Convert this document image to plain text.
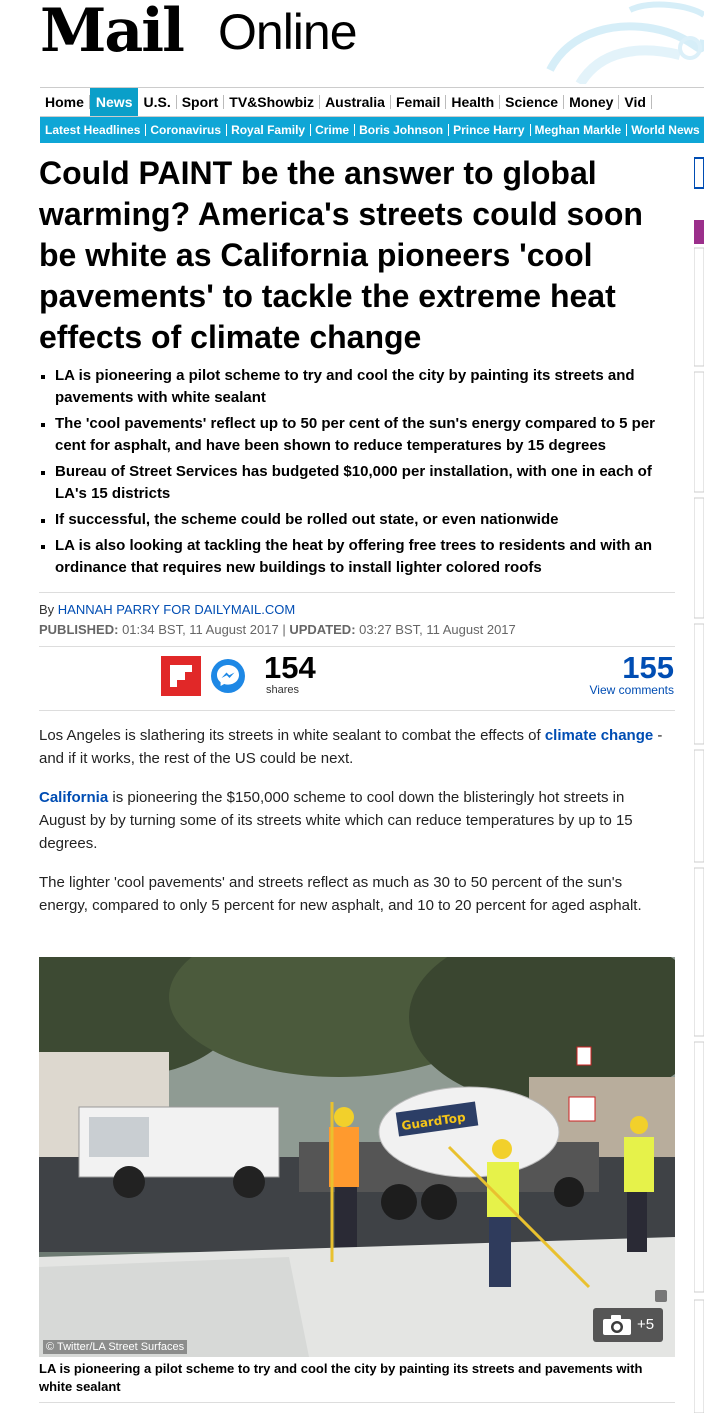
Mail Online
Home News U.S. Sport TV&Showbiz Australia Femail Health Science Money Vid
Latest Headlines Coronavirus Royal Family Crime Boris Johnson Prince Harry Meghan Markle World News
Could PAINT be the answer to global warming? America's streets could soon be white as California pioneers 'cool pavements' to tackle the extreme heat effects of climate change
LA is pioneering a pilot scheme to try and cool the city by painting its streets and pavements with white sealant
The 'cool pavements' reflect up to 50 per cent of the sun's energy compared to 5 per cent for asphalt, and have been shown to reduce temperatures by 15 degrees
Bureau of Street Services has budgeted $10,000 per installation, with one in each of LA's 15 districts
If successful, the scheme could be rolled out state, or even nationwide
LA is also looking at tackling the heat by offering free trees to residents and with an ordinance that requires new buildings to install lighter colored roofs
By HANNAH PARRY FOR DAILYMAIL.COM
PUBLISHED: 01:34 BST, 11 August 2017 | UPDATED: 03:27 BST, 11 August 2017
154
shares
155
View comments

Los Angeles is slathering its streets in white sealant to combat the effects of climate change - and if it works, the rest of the US could be next.

California is pioneering the $150,000 scheme to cool down the blisteringly hot streets in August by by turning some of its streets white which can reduce temperatures by up to 15 degrees.

The lighter 'cool pavements' and streets reflect as much as 30 to 50 percent of the sun's energy, compared to only 5 percent for new asphalt, and 10 to 20 percent for aged asphalt.

GuardTop
© Twitter/LA Street Surfaces
+5

LA is pioneering a pilot scheme to try and cool the city by painting its streets and pavements with white sealant
